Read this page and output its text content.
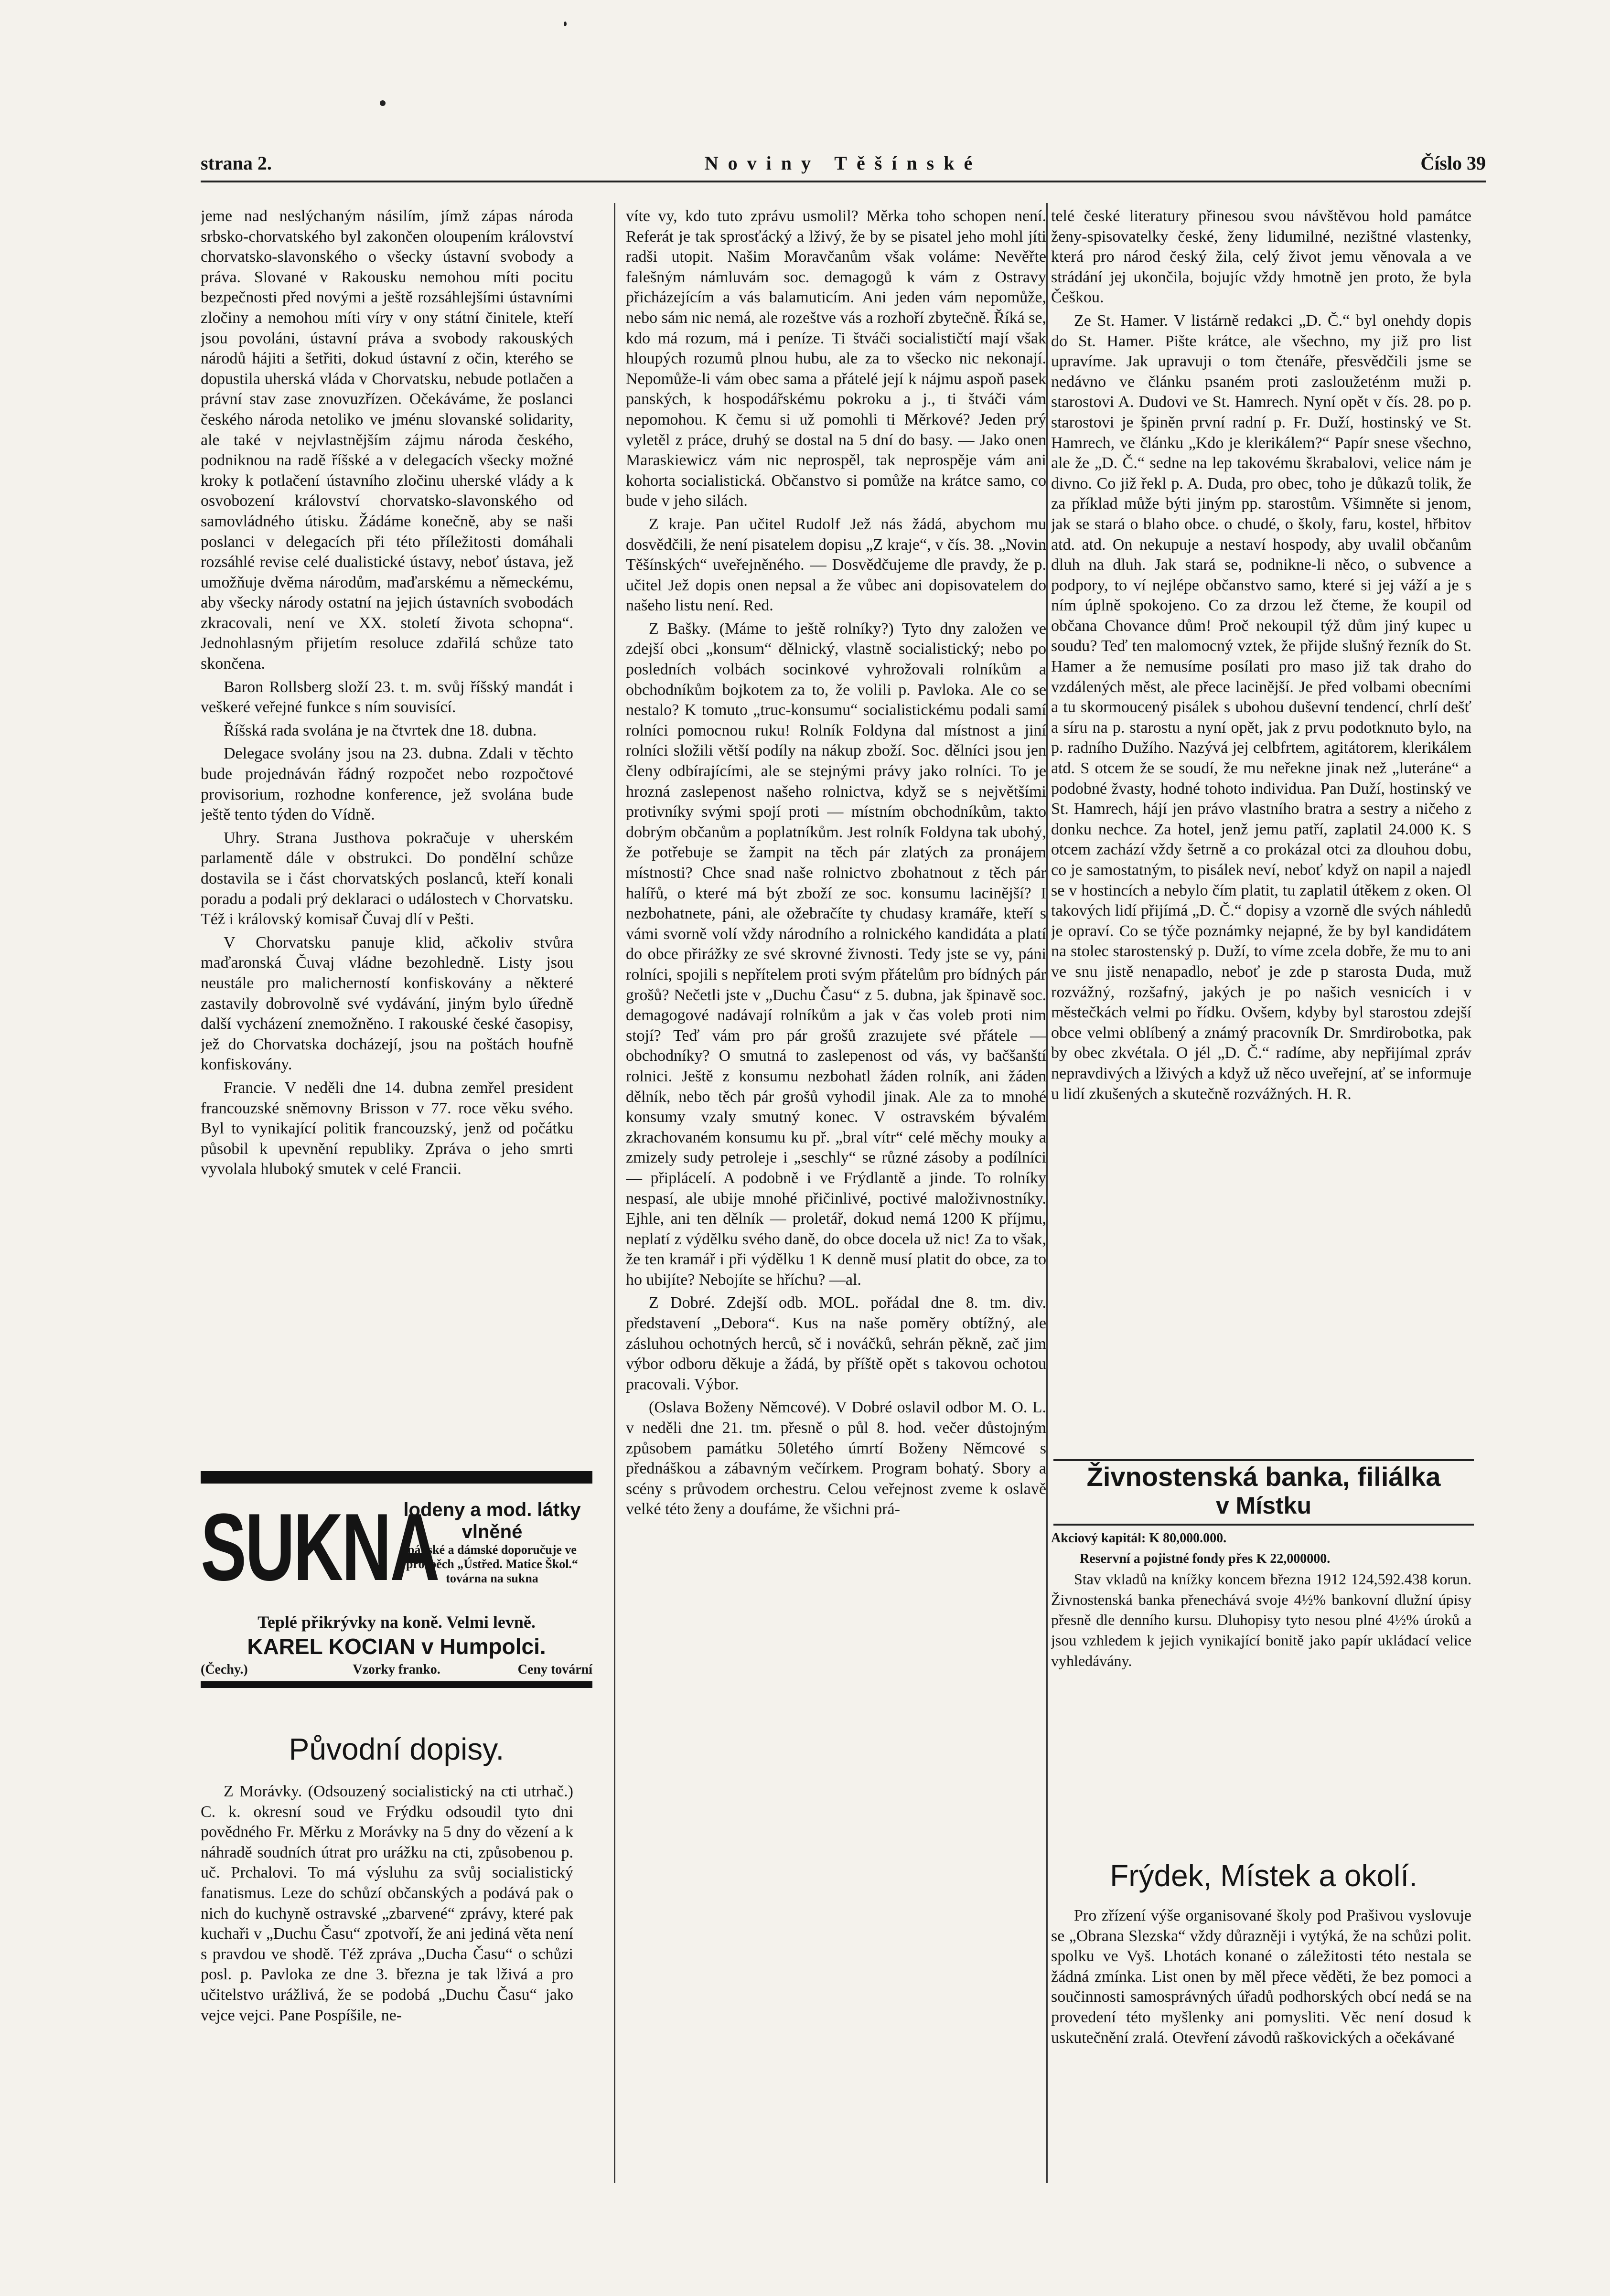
strana 2.	Noviny Těšínské	Číslo 39

jeme nad neslýchaným násilím, jímž zápas národa srbsko-chorvatského byl zakončen oloupením království chorvatsko-slavonského o všecky ústavní svobody a práva. Slované v Rakousku nemohou míti pocitu bezpečnosti před novými a ještě rozsáhlejšími ústavními zločiny a nemohou míti víry v ony státní činitele, kteří jsou povoláni, ústavní práva a svobody rakouských národů hájiti a šetřiti, dokud ústavní z očin, kterého se dopustila uherská vláda v Chorvatsku, nebude potlačen a právní stav zase znovuzřízen. Očekáváme, že poslanci českého národa netoliko ve jménu slovanské solidarity, ale také v nejvlastnějším zájmu národa českého, podniknou na radě říšské a v delegacích všecky možné kroky k potlačení ústavního zločinu uherské vlády a k osvobození království chorvatsko-slavonského od samovládného útisku. Žádáme konečně, aby se naši poslanci v delegacích při této příležitosti domáhali rozsáhlé revise celé dualistické ústavy, neboť ústava, jež umožňuje dvěma národům, maďarskému a německému, aby všecky národy ostatní na jejich ústavních svobodách zkracovali, není ve XX. století života schopna“. Jednohlasným přijetím resoluce zdařilá schůze tato skončena.

Baron Rollsberg složí 23. t. m. svůj říšský mandát i veškeré veřejné funkce s ním souvisící.

Říšská rada svolána je na čtvrtek dne 18. dubna.

Delegace svolány jsou na 23. dubna. Zdali v těchto bude projednáván řádný rozpočet nebo rozpočtové provisorium, rozhodne konference, jež svolána bude ještě tento týden do Vídně.

Uhry. Strana Justhova pokračuje v uherském parlamentě dále v obstrukci. Do pondělní schůze dostavila se i část chorvatských poslanců, kteří konali poradu a podali prý deklaraci o událostech v Chorvatsku. Též i královský komisař Čuvaj dlí v Pešti.

V Chorvatsku panuje klid, ačkoliv stvůra maďaronská Čuvaj vládne bezohledně. Listy jsou neustále pro malicherností konfiskovány a některé zastavily dobrovolně své vydávání, jiným bylo úředně další vycházení znemožněno. I rakouské české časopisy, jež do Chorvatska docházejí, jsou na poštách houfně konfiskovány.

Francie. V neděli dne 14. dubna zemřel president francouzské sněmovny Brisson v 77. roce věku svého. Byl to vynikající politik francouzský, jenž od počátku působil k upevnění republiky. Zpráva o jeho smrti vyvolala hluboký smutek v celé Francii.

SUKNA
lodeny a mod. látky vlněné
pánské a dámské doporučuje ve prospěch „Ústřed. Matice Škol.“ továrna na sukna
Teplé přikrývky na koně. Velmi levně.
KAREL KOCIAN v Humpolci.
(Čechy.)	Vzorky franko.	Ceny tovární
Původní dopisy.

Z Morávky. (Odsouzený socialistický na cti utrhač.) C. k. okresní soud ve Frýdku odsoudil tyto dni povědného Fr. Měrku z Morávky na 5 dny do vězení a k náhradě soudních útrat pro urážku na cti, způsobenou p. uč. Prchalovi. To má výsluhu za svůj socialistický fanatismus. Leze do schůzí občanských a podává pak o nich do kuchyně ostravské „zbarvené“ zprávy, které pak kuchaři v „Duchu Času“ zpotvoří, že ani jediná věta není s pravdou ve shodě. Též zpráva „Ducha Času“ o schůzi posl. p. Pavloka ze dne 3. března je tak lživá a pro učitelstvo urážlivá, že se podobá „Duchu Času“ jako vejce vejci. Pane Pospíšile, ne-

víte vy, kdo tuto zprávu usmolil? Měrka toho schopen není. Referát je tak sprosťácký a lživý, že by se pisatel jeho mohl jíti radši utopit. Našim Moravčanům však voláme: Nevěřte falešným námluvám soc. demagogů k vám z Ostravy přicházejícím a vás balamuticím. Ani jeden vám nepomůže, nebo sám nic nemá, ale rozeštve vás a rozhoří zbytečně. Říká se, kdo má rozum, má i peníze. Ti štváči socialističtí mají však hloupých rozumů plnou hubu, ale za to všecko nic nekonají. Nepomůže-li vám obec sama a přátelé její k nájmu aspoň pasek panských, k hospodářskému pokroku a j., ti štváči vám nepomohou. K čemu si už pomohli ti Měrkové? Jeden prý vyletěl z práce, druhý se dostal na 5 dní do basy. — Jako onen Maraskiewicz vám nic neprospěl, tak neprospěje vám ani kohorta socialistická. Občanstvo si pomůže na krátce samo, co bude v jeho silách.

Z kraje. Pan učitel Rudolf Jež nás žádá, abychom mu dosvědčili, že není pisatelem dopisu „Z kraje“, v čís. 38. „Novin Těšínských“ uveřejněného. — Dosvědčujeme dle pravdy, že p. učitel Jež dopis onen nepsal a že vůbec ani dopisovatelem do našeho listu není. Red.

Z Bašky. (Máme to ještě rolníky?) Tyto dny založen ve zdejší obci „konsum“ dělnický, vlastně socialistický; nebo po posledních volbách socinkové vyhrožovali rolníkům a obchodníkům bojkotem za to, že volili p. Pavloka. Ale co se nestalo? K tomuto „truc-konsumu“ socialistickému podali samí rolníci pomocnou ruku! Rolník Foldyna dal místnost a jiní rolníci složili větší podíly na nákup zboží. Soc. dělníci jsou jen členy odbírajícími, ale se stejnými právy jako rolníci. To je hrozná zaslepenost našeho rolnictva, když se s největšími protivníky svými spojí proti — místním obchodníkům, takto dobrým občanům a poplatníkům. Jest rolník Foldyna tak ubohý, že potřebuje se žampit na těch pár zlatých za pronájem místnosti? Chce snad naše rolnictvo zbohatnout z těch pár halířů, o které má být zboží ze soc. konsumu lacinější? I nezbohatnete, páni, ale ožebračíte ty chudasy kramáře, kteří s vámi svorně volí vždy národního a rolnického kandidáta a platí do obce přirážky ze své skrovné živnosti. Tedy jste se vy, páni rolníci, spojili s nepřítelem proti svým přátelům pro bídných pár grošů? Nečetli jste v „Duchu Času“ z 5. dubna, jak špinavě soc. demagogové nadávají rolníkům a jak v čas voleb proti nim stojí? Teď vám pro pár grošů zrazujete své přátele — obchodníky? O smutná to zaslepenost od vás, vy bačšanští rolnici. Ještě z konsumu nezbohatl žáden rolník, ani žáden dělník, nebo těch pár grošů vyhodil jinak. Ale za to mnohé konsumy vzaly smutný konec. V ostravském bývalém zkrachovaném konsumu ku př. „bral vítr“ celé měchy mouky a zmizely sudy petroleje i „seschly“ se různé zásoby a podílníci — připlácelí. A podobně i ve Frýdlantě a jinde. To rolníky nespasí, ale ubije mnohé přičinlivé, poctivé maloživnostníky. Ejhle, ani ten dělník — proletář, dokud nemá 1200 K příjmu, neplatí z výdělku svého daně, do obce docela už nic! Za to však, že ten kramář i při výdělku 1 K denně musí platit do obce, za to ho ubijíte? Nebojíte se hříchu? —al.

Z Dobré. Zdejší odb. MOL. pořádal dne 8. tm. div. představení „Debora“. Kus na naše poměry obtížný, ale zásluhou ochotných herců, sč i nováčků, sehrán pěkně, zač jim výbor odboru děkuje a žádá, by příště opět s takovou ochotou pracovali. Výbor.

(Oslava Boženy Němcové). V Dobré oslavil odbor M. O. L. v neděli dne 21. tm. přesně o půl 8. hod. večer důstojným způsobem památku 50letého úmrtí Boženy Němcové s přednáškou a zábavným večírkem. Program bohatý. Sbory a scény s průvodem orchestru. Celou veřejnost zveme k oslavě velké této ženy a doufáme, že všichni prá-

telé české literatury přinesou svou návštěvou hold památce ženy-spisovatelky české, ženy lidumilné, nezištné vlastenky, která pro národ český žila, celý život jemu věnovala a ve strádání jej ukončila, bojujíc vždy hmotně jen proto, že byla Češkou.

Ze St. Hamer. V listárně redakci „D. Č.“ byl onehdy dopis do St. Hamer. Pište krátce, ale všechno, my již pro list upravíme. Jak upravuji o tom čtenáře, přesvědčili jsme se nedávno ve článku psaném proti zasloužeténm muži p. starostovi A. Dudovi ve St. Hamrech. Nyní opět v čís. 28. po p. starostovi je špiněn první radní p. Fr. Duží, hostinský ve St. Hamrech, ve článku „Kdo je klerikálem?“ Papír snese všechno, ale že „D. Č.“ sedne na lep takovému škrabalovi, velice nám je divno. Co již řekl p. A. Duda, pro obec, toho je důkazů tolik, že za příklad může býti jiným pp. starostům. Všimněte si jenom, jak se stará o blaho obce. o chudé, o školy, faru, kostel, hřbitov atd. atd. On nekupuje a nestaví hospody, aby uvalil občanům dluh na dluh. Jak stará se, podnikne-li něco, o subvence a podpory, to ví nejlépe občanstvo samo, které si jej váží a je s ním úplně spokojeno. Co za drzou lež čteme, že koupil od občana Chovance dům! Proč nekoupil týž dům jiný kupec u soudu? Teď ten malomocný vztek, že přijde slušný řezník do St. Hamer a že nemusíme posílati pro maso již tak draho do vzdálených měst, ale přece lacinější. Je před volbami obecními a tu skormoucený pisálek s ubohou duševní tendencí, chrlí dešť a síru na p. starostu a nyní opět, jak z prvu podotknuto bylo, na p. radního Dužího. Nazývá jej celbfrtem, agitátorem, klerikálem atd. S otcem že se soudí, že mu neřekne jinak než „luteráne“ a podobné žvasty, hodné tohoto individua. Pan Duží, hostinský ve St. Hamrech, hájí jen právo vlastního bratra a sestry a ničeho z donku nechce. Za hotel, jenž jemu patří, zaplatil 24.000 K. S otcem zachází vždy šetrně a co prokázal otci za dlouhou dobu, co je samostatným, to pisálek neví, neboť když on napil a najedl se v hostincích a nebylo čím platit, tu zaplatil útěkem z oken. Ol takových lidí přijímá „D. Č.“ dopisy a vzorně dle svých náhledů je opraví. Co se týče poznámky nejapné, že by byl kandidátem na stolec starostenský p. Duží, to víme zcela dobře, že mu to ani ve snu jistě nenapadlo, neboť je zde p starosta Duda, muž rozvážný, rozšafný, jakých je po našich vesnicích i v městečkách velmi po řídku. Ovšem, kdyby byl starostou zdejší obce velmi oblíbený a známý pracovník Dr. Smrdirobotka, pak by obec zkvétala. O jél „D. Č.“ radíme, aby nepřijímal zpráv nepravdivých a lživých a když už něco uveřejní, ať se informuje u lidí zkušených a skutečně rozvážných. H. R.

Živnostenská banka, filiálka
v Místku
Akciový kapitál: K 80,000.000.
Reservní a pojistné fondy přes K 22,000000.

Stav vkladů na knížky koncem března 1912 124,592.438 korun. Živnostenská banka přenechává svoje 4½% bankovní dlužní úpisy přesně dle denního kursu. Dluhopisy tyto nesou plné 4½% úroků a jsou vzhledem k jejich vynikající bonitě jako papír ukládací velice vyhledávány.

Frýdek, Místek a okolí.

Pro zřízení výše organisované školy pod Prašivou vyslovuje se „Obrana Slezska“ vždy důrazněji i vytýká, že na schůzi polit. spolku ve Vyš. Lhotách konané o záležitosti této nestala se žádná zmínka. List onen by měl přece věděti, že bez pomoci a součinnosti samosprávných úřadů podhorských obcí nedá se na provedení této myšlenky ani pomysliti. Věc není dosud k uskutečnění zralá. Otevření závodů raškovických a očekávané
